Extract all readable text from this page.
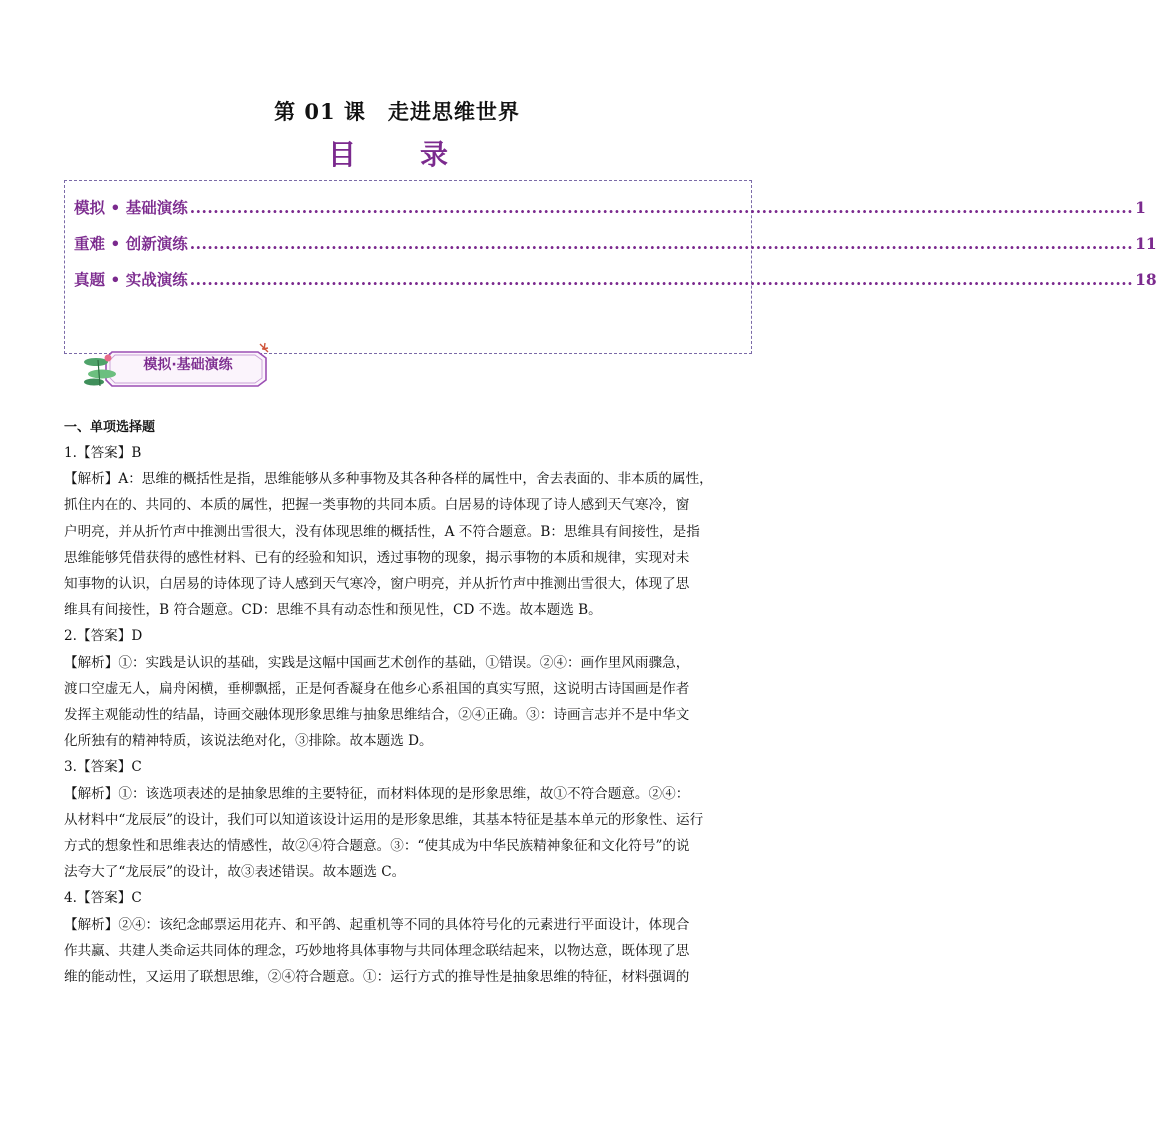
第 01 课　走进思维世界
目　录
模拟 • 基础演练 ................................................................................................................................................................ 1
重难 • 创新演练 ................................................................................................................................................................ 11
真题 • 实战演练 ................................................................................................................................................................ 18
模拟·基础演练
一、单项选择题

1.【答案】B

【解析】A：思维的概括性是指，思维能够从多种事物及其各种各样的属性中，舍去表面的、非本质的属性，

抓住内在的、共同的、本质的属性，把握一类事物的共同本质。白居易的诗体现了诗人感到天气寒冷，窗

户明亮，并从折竹声中推测出雪很大，没有体现思维的概括性，A 不符合题意。B：思维具有间接性，是指

思维能够凭借获得的感性材料、已有的经验和知识，透过事物的现象，揭示事物的本质和规律，实现对未

知事物的认识，白居易的诗体现了诗人感到天气寒冷，窗户明亮，并从折竹声中推测出雪很大，体现了思

维具有间接性，B 符合题意。CD：思维不具有动态性和预见性，CD 不选。故本题选 B。

2.【答案】D

【解析】①：实践是认识的基础，实践是这幅中国画艺术创作的基础，①错误。②④：画作里风雨骤急，

渡口空虚无人，扁舟闲横，垂柳飘摇，正是何香凝身在他乡心系祖国的真实写照，这说明古诗国画是作者

发挥主观能动性的结晶，诗画交融体现形象思维与抽象思维结合，②④正确。③：诗画言志并不是中华文

化所独有的精神特质，该说法绝对化，③排除。故本题选 D。

3.【答案】C

【解析】①：该选项表述的是抽象思维的主要特征，而材料体现的是形象思维，故①不符合题意。②④：

从材料中“龙辰辰”的设计，我们可以知道该设计运用的是形象思维，其基本特征是基本单元的形象性、运行

方式的想象性和思维表达的情感性，故②④符合题意。③：“使其成为中华民族精神象征和文化符号”的说

法夸大了“龙辰辰”的设计，故③表述错误。故本题选 C。

4.【答案】C

【解析】②④：该纪念邮票运用花卉、和平鸽、起重机等不同的具体符号化的元素进行平面设计，体现合

作共赢、共建人类命运共同体的理念，巧妙地将具体事物与共同体理念联结起来，以物达意，既体现了思

维的能动性，又运用了联想思维，②④符合题意。①：运行方式的推导性是抽象思维的特征，材料强调的
